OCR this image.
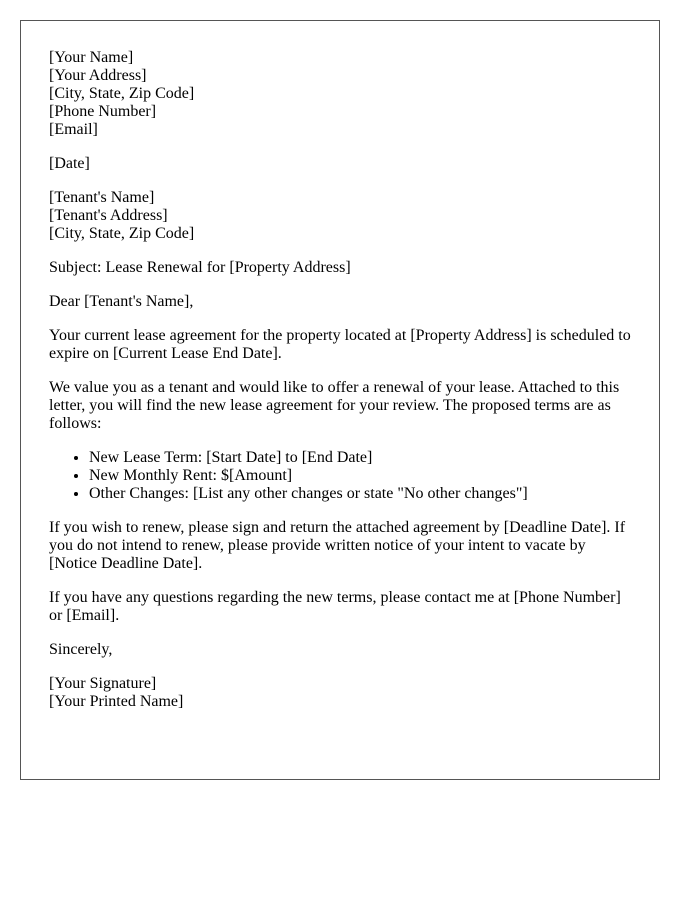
[Your Name]
[Your Address]
[City, State, Zip Code]
[Phone Number]
[Email]

[Date]

[Tenant's Name]
[Tenant's Address]
[City, State, Zip Code]

Subject: Lease Renewal for [Property Address]

Dear [Tenant's Name],

Your current lease agreement for the property located at [Property Address] is scheduled to expire on [Current Lease End Date].

We value you as a tenant and would like to offer a renewal of your lease. Attached to this letter, you will find the new lease agreement for your review. The proposed terms are as follows:

• New Lease Term: [Start Date] to [End Date]
• New Monthly Rent: $[Amount]
• Other Changes: [List any other changes or state "No other changes"]

If you wish to renew, please sign and return the attached agreement by [Deadline Date]. If you do not intend to renew, please provide written notice of your intent to vacate by [Notice Deadline Date].

If you have any questions regarding the new terms, please contact me at [Phone Number] or [Email].

Sincerely,

[Your Signature]
[Your Printed Name]
